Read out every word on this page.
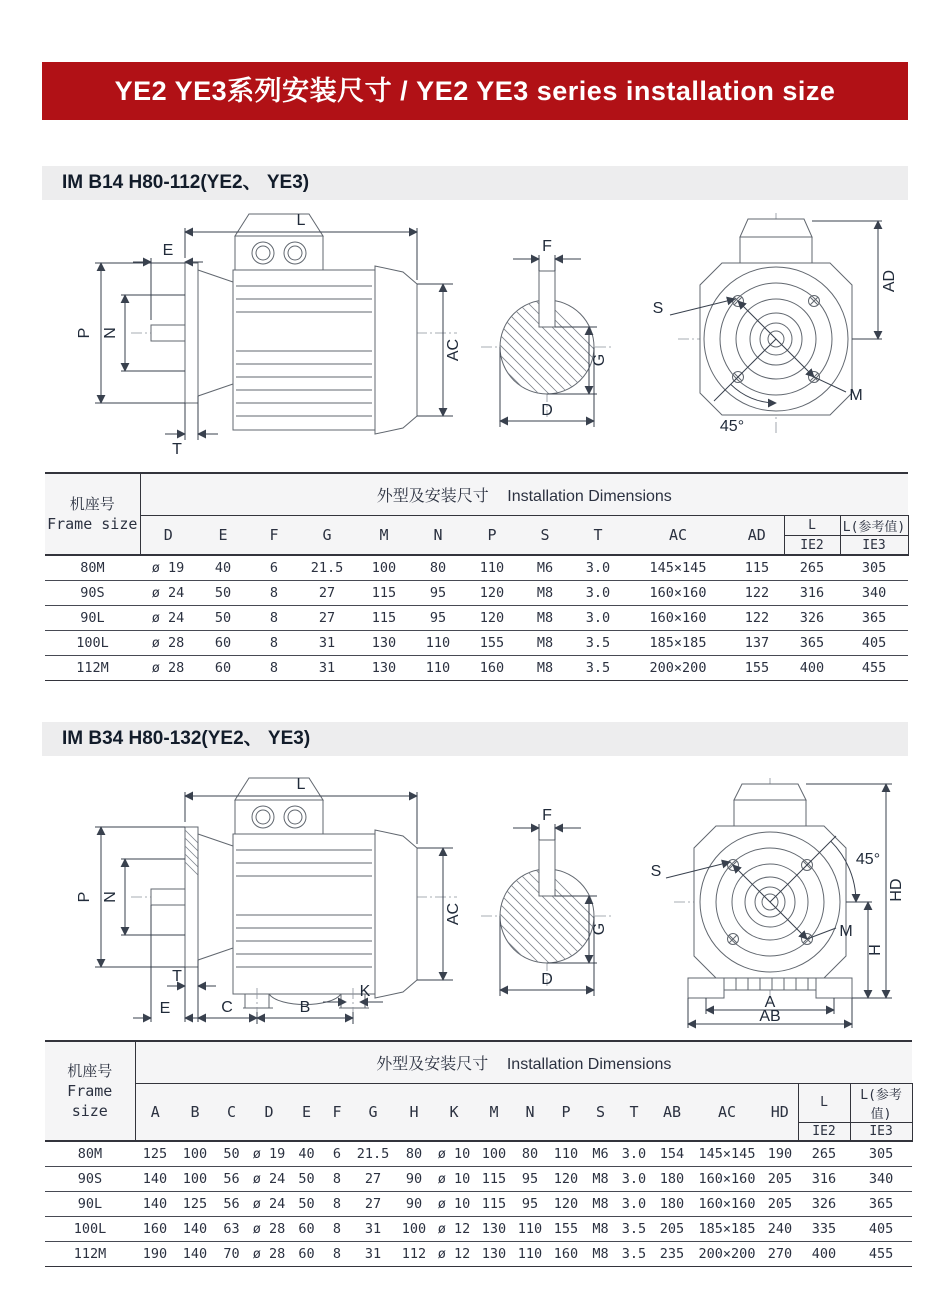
YE2 YE3系列安装尺寸 / YE2 YE3 series installation size
IM B14 H80-112(YE2、 YE3)
L
E
P N
AC
T
F
G
D
S
M
AD
45°
机座号
Frame size	外型及安装尺寸   Installation Dimensions												
	D	E	F	G	M	N	P	S	T	AC	AD	L	L(参考值)
												IE2	IE3
80M	ø 19	40	6	21.5	100	80	110	M6	3.0	145×145	115	265	305
90S	ø 24	50	8	27	115	95	120	M8	3.0	160×160	122	316	340
90L	ø 24	50	8	27	115	95	120	M8	3.0	160×160	122	326	365
100L	ø 28	60	8	31	130	110	155	M8	3.5	185×185	137	365	405
112M	ø 28	60	8	31	130	110	160	M8	3.5	200×200	155	400	455
IM B34 H80-132(YE2、 YE3)
L
P N
AC
T
E	C	B
K
F
G
D
S
45°
M
H
HD
A
AB
机座号
Frame size	外型及安装尺寸   Installation Dimensions																		
	A	B	C	D	E	F	G	H	K	M	N	P	S	T	AB	AC	HD	L	L(参考值)
																		IE2	IE3
80M	125	100	50	ø 19	40	6	21.5	80	ø 10	100	80	110	M6	3.0	154	145×145	190	265	305
90S	140	100	56	ø 24	50	8	27	90	ø 10	115	95	120	M8	3.0	180	160×160	205	316	340
90L	140	125	56	ø 24	50	8	27	90	ø 10	115	95	120	M8	3.0	180	160×160	205	326	365
100L	160	140	63	ø 28	60	8	31	100	ø 12	130	110	155	M8	3.5	205	185×185	240	335	405
112M	190	140	70	ø 28	60	8	31	112	ø 12	130	110	160	M8	3.5	235	200×200	270	400	455
